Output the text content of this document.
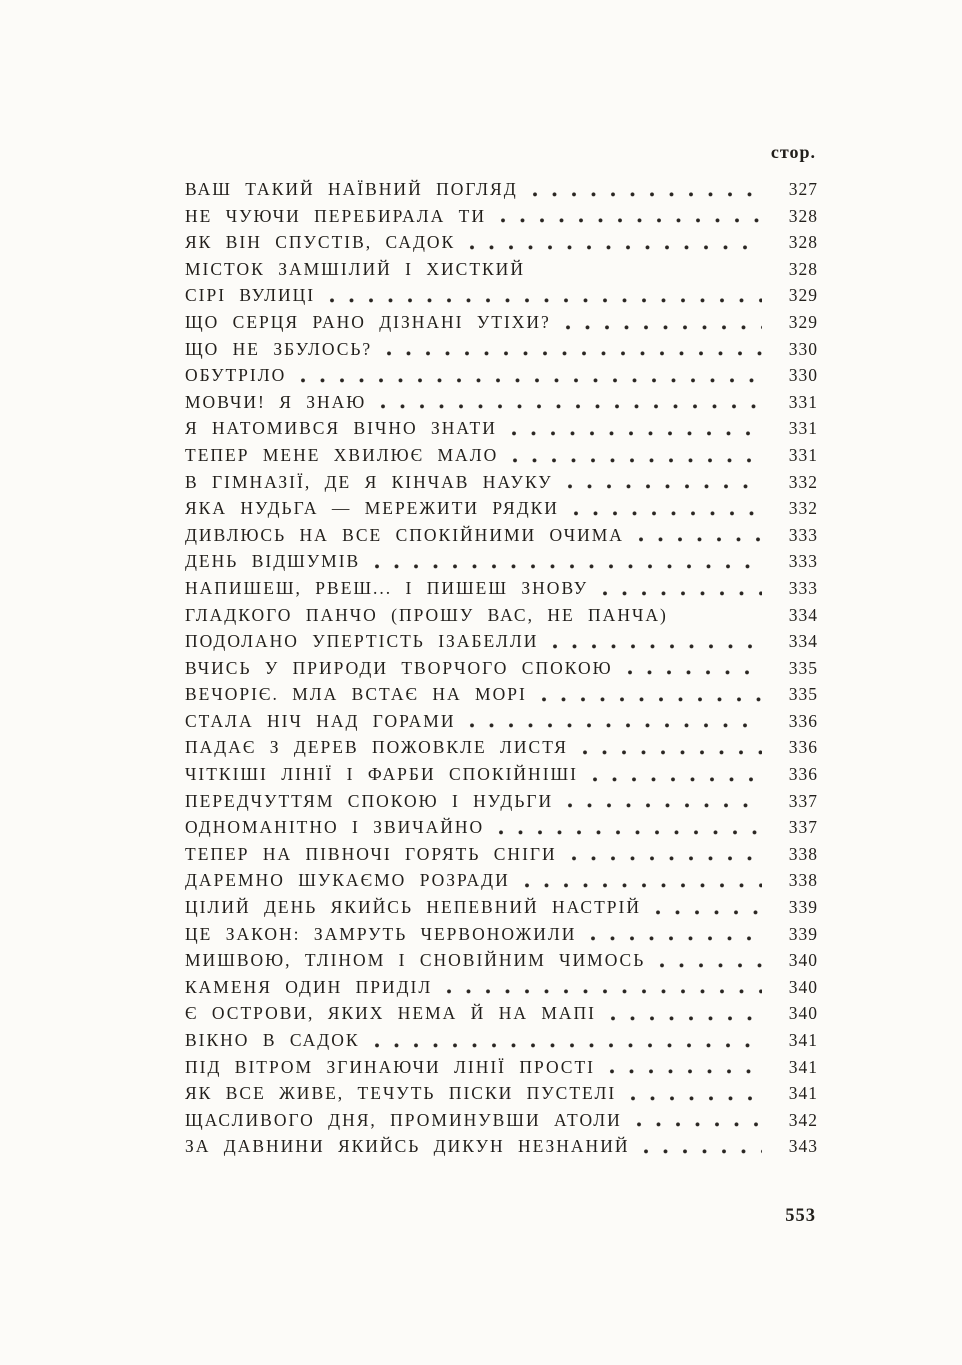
стор.
ВАШ ТАКИЙ НАЇВНИЙ ПОГЛЯД	327
НЕ ЧУЮЧИ ПЕРЕБИРАЛА ТИ	328
ЯК ВІН СПУСТІВ, САДОК	328
МІСТОК ЗАМШІЛИЙ І ХИСТКИЙ	328
СІРІ ВУЛИЦІ	329
ЩО СЕРЦЯ РАНО ДІЗНАНІ УТІХИ?	329
ЩО НЕ ЗБУЛОСЬ?	330
ОБУТРІЛО	330
МОВЧИ! Я ЗНАЮ	331
Я НАТОМИВСЯ ВІЧНО ЗНАТИ	331
ТЕПЕР МЕНЕ ХВИЛЮЄ МАЛО	331
В ГІМНАЗІЇ, ДЕ Я КІНЧАВ НАУКУ	332
ЯКА НУДЬГА — МЕРЕЖИТИ РЯДКИ	332
ДИВЛЮСЬ НА ВСЕ СПОКІЙНИМИ ОЧИМА	333
ДЕНЬ ВІДШУМІВ	333
НАПИШЕШ, РВЕШ... І ПИШЕШ ЗНОВУ	333
ГЛАДКОГО ПАНЧО (ПРОШУ ВАС, НЕ ПАНЧА)	334
ПОДОЛАНО УПЕРТІСТЬ ІЗАБЕЛЛИ	334
ВЧИСЬ У ПРИРОДИ ТВОРЧОГО СПОКОЮ	335
ВЕЧОРІЄ. МЛА ВСТАЄ НА МОРІ	335
СТАЛА НІЧ НАД ГОРАМИ	336
ПАДАЄ З ДЕРЕВ ПОЖОВКЛЕ ЛИСТЯ	336
ЧІТКІШІ ЛІНІЇ І ФАРБИ СПОКІЙНІШІ	336
ПЕРЕДЧУТТЯМ СПОКОЮ І НУДЬГИ	337
ОДНОМАНІТНО І ЗВИЧАЙНО	337
ТЕПЕР НА ПІВНОЧІ ГОРЯТЬ СНІГИ	338
ДАРЕМНО ШУКАЄМО РОЗРАДИ	338
ЦІЛИЙ ДЕНЬ ЯКИЙСЬ НЕПЕВНИЙ НАСТРІЙ	339
ЦЕ ЗАКОН: ЗАМРУТЬ ЧЕРВОНОЖИЛИ	339
МИШВОЮ, ТЛІНОМ І СНОВІЙНИМ ЧИМОСЬ	340
КАМЕНЯ ОДИН ПРИДІЛ	340
Є ОСТРОВИ, ЯКИХ НЕМА Й НА МАПІ	340
ВІКНО В САДОК	341
ПІД ВІТРОМ ЗГИНАЮЧИ ЛІНІЇ ПРОСТІ	341
ЯК ВСЕ ЖИВЕ, ТЕЧУТЬ ПІСКИ ПУСТЕЛІ	341
ЩАСЛИВОГО ДНЯ, ПРОМИНУВШИ АТОЛИ	342
ЗА ДАВНИНИ ЯКИЙСЬ ДИКУН НЕЗНАНИЙ	343
553
